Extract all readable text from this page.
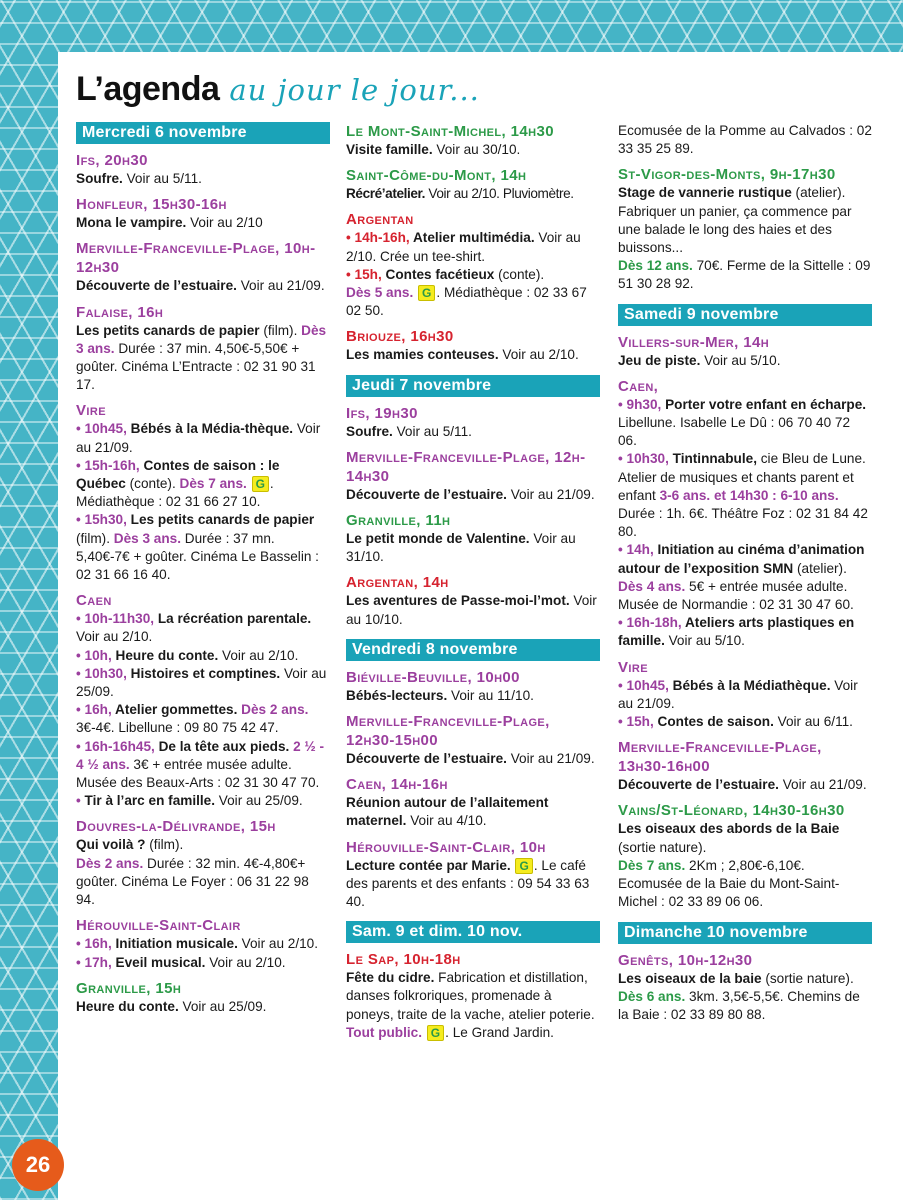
L’agenda au jour le jour...
Mercredi 6 novembre
Ifs, 20h30
Soufre. Voir au 5/11.
Honfleur, 15h30-16h
Mona le vampire. Voir au 2/10
Merville-Franceville-Plage, 10h-12h30
Découverte de l’estuaire. Voir au 21/09.
Falaise, 16h
Les petits canards de papier (film). Dès 3 ans. Durée : 37 min. 4,50€-5,50€ + goûter. Cinéma L’Entracte : 02 31 90 31 17.
Vire
• 10h45, Bébés à la Média-thèque. Voir au 21/09.
• 15h-16h, Contes de saison : le Québec (conte). Dès 7 ans. G . Médiathèque : 02 31 66 27 10.
• 15h30, Les petits canards de papier (film). Dès 3 ans. Durée : 37 mn. 5,40€-7€ + goûter. Cinéma Le Basselin : 02 31 66 16 40.
Caen
• 10h-11h30, La récréation parentale. Voir au 2/10.
• 10h, Heure du conte. Voir au 2/10.
• 10h30, Histoires et comptines. Voir au 25/09.
• 16h, Atelier gommettes. Dès 2 ans. 3€-4€. Libellune : 09 80 75 42 47.
• 16h-16h45, De la tête aux pieds. 2 ½ - 4 ½ ans. 3€ + entrée musée adulte. Musée des Beaux-Arts : 02 31 30 47 70.
• Tir à l’arc en famille. Voir au 25/09.
Douvres-la-Délivrande, 15h
Qui voilà ? (film).
Dès 2 ans. Durée : 32 min. 4€-4,80€+ goûter. Cinéma Le Foyer : 06 31 22 98 94.
Hérouville-Saint-Clair
• 16h, Initiation musicale. Voir au 2/10.
• 17h, Eveil musical. Voir au 2/10.
Granville, 15h
Heure du conte. Voir au 25/09.
Le Mont-Saint-Michel, 14h30
Visite famille. Voir au 30/10.
Saint-Côme-du-Mont, 14h
Récré’atelier. Voir au 2/10. Pluviomètre.
Argentan
• 14h-16h, Atelier multimédia. Voir au 2/10. Crée un tee-shirt.
• 15h, Contes facétieux (conte).
Dès 5 ans. G . Médiathèque : 02 33 67 02 50.
Briouze, 16h30
Les mamies conteuses. Voir au 2/10.
Jeudi 7 novembre
Ifs, 19h30
Soufre. Voir au 5/11.
Merville-Franceville-Plage, 12h-14h30
Découverte de l’estuaire. Voir au 21/09.
Granville, 11h
Le petit monde de Valentine. Voir au 31/10.
Argentan, 14h
Les aventures de Passe-moi-l’mot. Voir au 10/10.
Vendredi 8 novembre
Biéville-Beuville, 10h00
Bébés-lecteurs. Voir au 11/10.
Merville-Franceville-Plage, 12h30-15h00
Découverte de l’estuaire. Voir au 21/09.
Caen, 14h-16h
Réunion autour de l’allaitement maternel. Voir au 4/10.
Hérouville-Saint-Clair, 10h
Lecture contée par Marie. G . Le café des parents et des enfants : 09 54 33 63 40.
Sam. 9 et dim. 10 nov.
Le Sap, 10h-18h
Fête du cidre. Fabrication et distillation, danses folkroriques, promenade à poneys, traite de la vache, atelier poterie.
Tout public. G . Le Grand Jardin.
Ecomusée de la Pomme au Calvados : 02 33 35 25 89.
St-Vigor-des-Monts, 9h-17h30
Stage de vannerie rustique (atelier). Fabriquer un panier, ça commence par une balade le long des haies et des buissons...
Dès 12 ans. 70€. Ferme de la Sittelle : 09 51 30 28 92.
Samedi 9 novembre
Villers-sur-Mer, 14h
Jeu de piste. Voir au 5/10.
Caen,
• 9h30, Porter votre enfant en écharpe. Libellune. Isabelle Le Dû : 06 70 40 72 06.
• 10h30, Tintinnabule, cie Bleu de Lune. Atelier de musiques et chants parent et enfant 3-6 ans. et 14h30 : 6-10 ans. Durée : 1h. 6€. Théâtre Foz : 02 31 84 42 80.
• 14h, Initiation au cinéma d’animation autour de l’exposition SMN (atelier). Dès 4 ans. 5€ + entrée musée adulte. Musée de Normandie : 02 31 30 47 60.
• 16h-18h, Ateliers arts plastiques en famille. Voir au 5/10.
Vire
• 10h45, Bébés à la Médiathèque. Voir au 21/09.
• 15h, Contes de saison. Voir au 6/11.
Merville-Franceville-Plage, 13h30-16h00
Découverte de l’estuaire. Voir au 21/09.
Vains/St-Léonard, 14h30-16h30
Les oiseaux des abords de la Baie (sortie nature).
Dès 7 ans. 2Km ; 2,80€-6,10€. Ecomusée de la Baie du Mont-Saint-Michel : 02 33 89 06 06.
Dimanche 10 novembre
Genêts, 10h-12h30
Les oiseaux de la baie (sortie nature).
Dès 6 ans. 3km. 3,5€-5,5€. Chemins de la Baie : 02 33 89 80 88.
26
